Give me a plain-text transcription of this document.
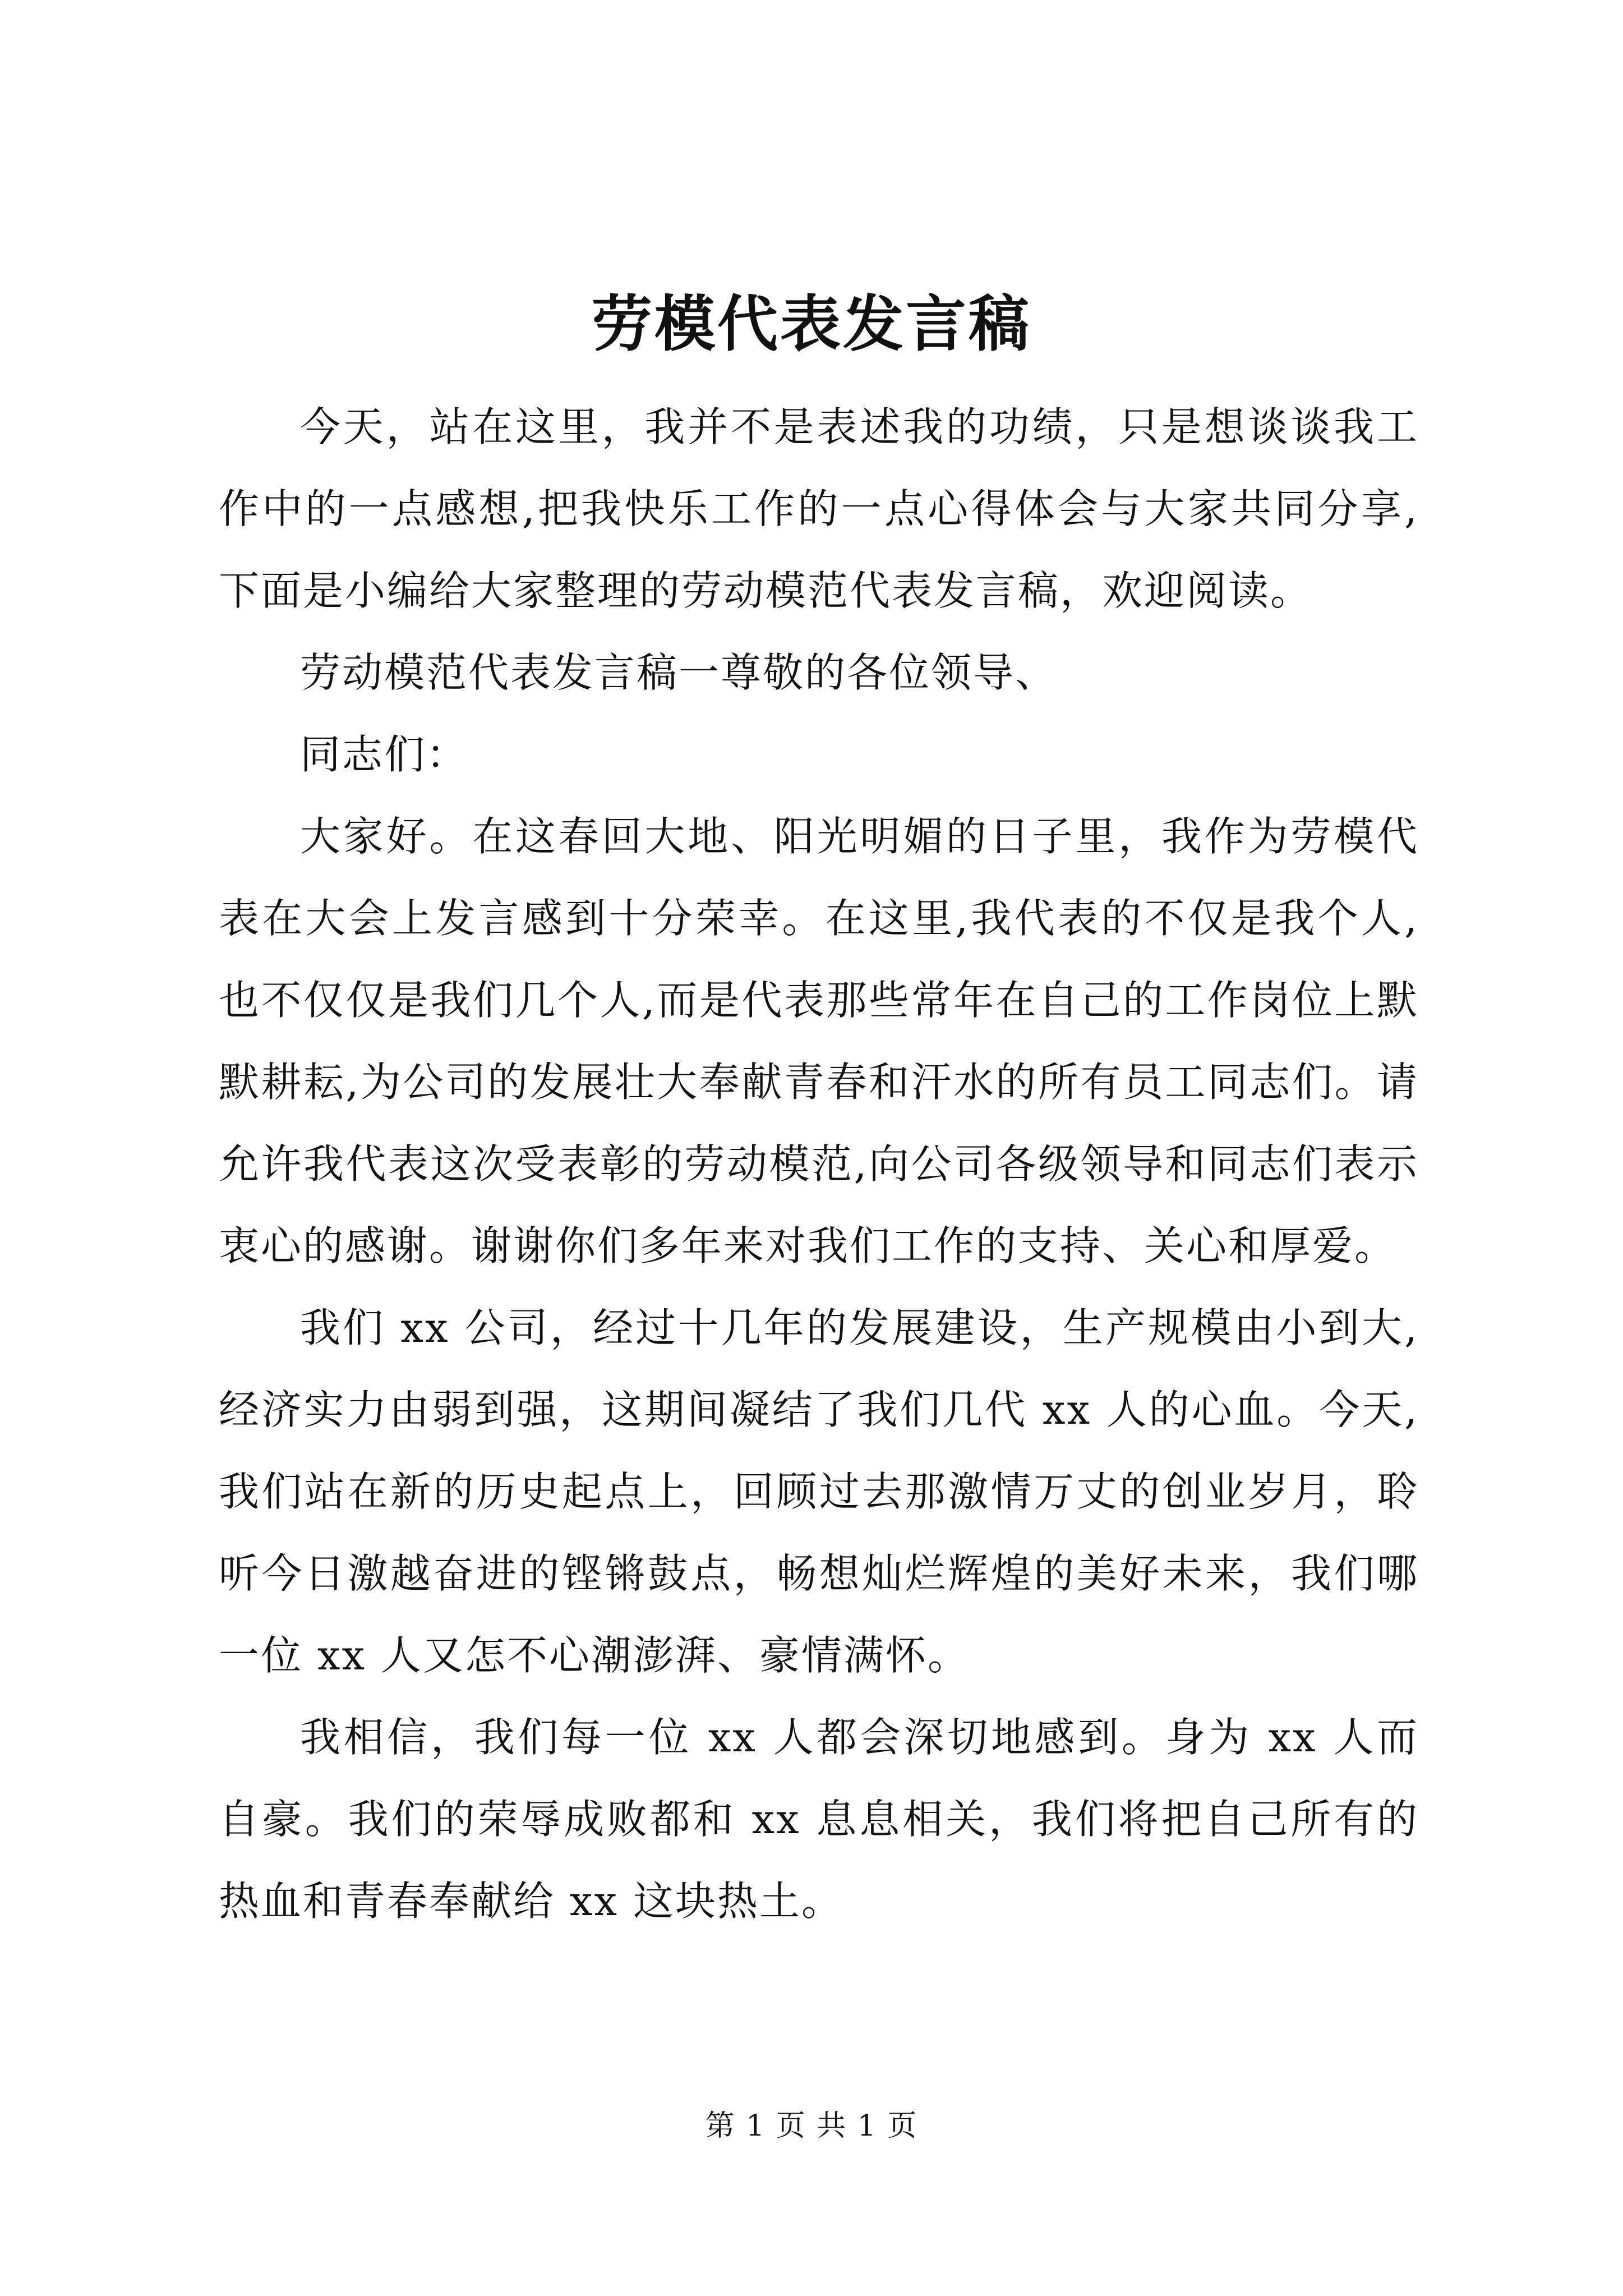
劳模代表发言稿

今天，站在这里，我并不是表述我的功绩，只是想谈谈我工作中的一点感想,把我快乐工作的一点心得体会与大家共同分享,下面是小编给大家整理的劳动模范代表发言稿，欢迎阅读。

劳动模范代表发言稿一尊敬的各位领导、

同志们：

大家好。在这春回大地、阳光明媚的日子里，我作为劳模代表在大会上发言感到十分荣幸。在这里,我代表的不仅是我个人,也不仅仅是我们几个人,而是代表那些常年在自己的工作岗位上默默耕耘,为公司的发展壮大奉献青春和汗水的所有员工同志们。请允许我代表这次受表彰的劳动模范,向公司各级领导和同志们表示衷心的感谢。谢谢你们多年来对我们工作的支持、关心和厚爱。

我们 xx 公司，经过十几年的发展建设，生产规模由小到大,经济实力由弱到强，这期间凝结了我们几代 xx 人的心血。今天,我们站在新的历史起点上，回顾过去那激情万丈的创业岁月，聆听今日激越奋进的铿锵鼓点，畅想灿烂辉煌的美好未来，我们哪一位 xx 人又怎不心潮澎湃、豪情满怀。

我相信，我们每一位 xx 人都会深切地感到。身为 xx 人而自豪。我们的荣辱成败都和 xx 息息相关，我们将把自己所有的热血和青春奉献给 xx 这块热土。

第 1 页 共 1 页
